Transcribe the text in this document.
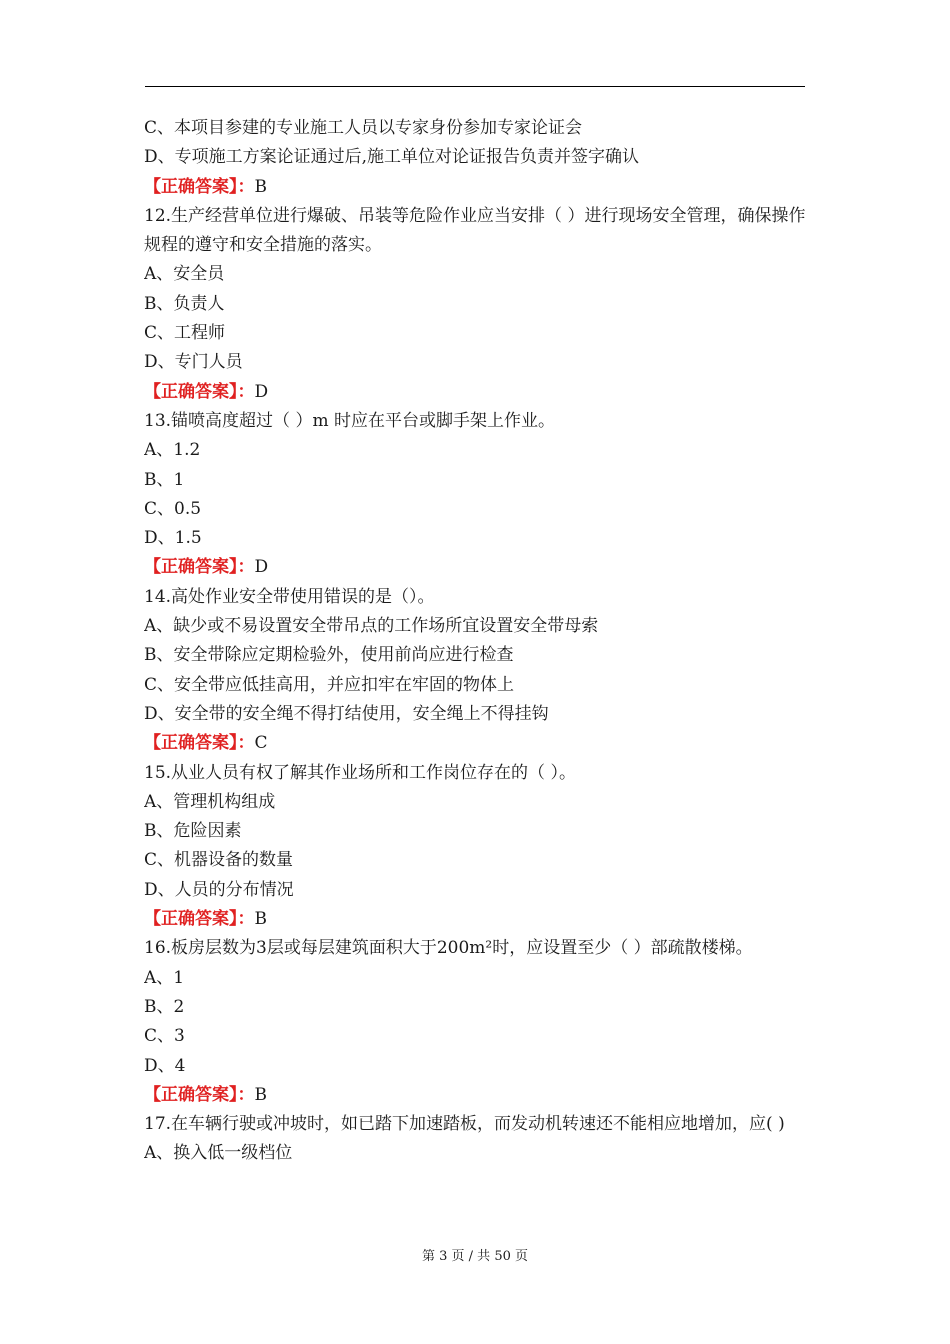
C、本项目参建的专业施工人员以专家身份参加专家论证会
D、专项施工方案论证通过后,施工单位对论证报告负责并签字确认
【正确答案】：B
12.生产经营单位进行爆破、吊装等危险作业应当安排（ ）进行现场安全管理，确保操作规程的遵守和安全措施的落实。
A、安全员
B、负责人
C、工程师
D、专门人员
【正确答案】：D
13.锚喷高度超过（ ）m 时应在平台或脚手架上作业。
A、1.2
B、1
C、0.5
D、1.5
【正确答案】：D
14.高处作业安全带使用错误的是（）。
A、缺少或不易设置安全带吊点的工作场所宜设置安全带母索
B、安全带除应定期检验外，使用前尚应进行检查
C、安全带应低挂高用，并应扣牢在牢固的物体上
D、安全带的安全绳不得打结使用，安全绳上不得挂钩
【正确答案】：C
15.从业人员有权了解其作业场所和工作岗位存在的（ ）。
A、管理机构组成
B、危险因素
C、机器设备的数量
D、人员的分布情况
【正确答案】：B
16.板房层数为3层或每层建筑面积大于200m²时，应设置至少（ ）部疏散楼梯。
A、1
B、2
C、3
D、4
【正确答案】：B
17.在车辆行驶或冲坡时，如已踏下加速踏板，而发动机转速还不能相应地增加，应( )
A、换入低一级档位
第 3 页 / 共 50 页
